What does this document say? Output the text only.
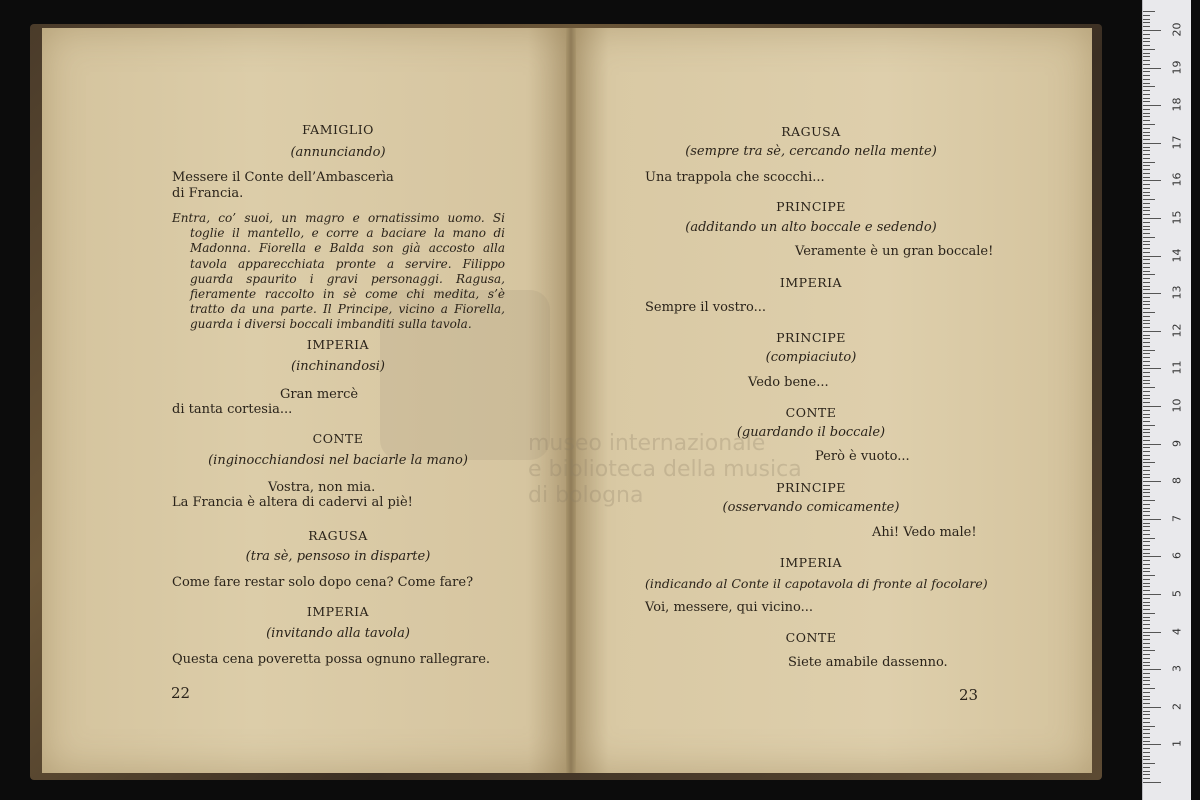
museo internazionale
e biblioteca della musica
di bologna
FAMIGLIO
(annunciando)
Messere il Conte dell’Ambascerìa
di Francia.
Entra, co’ suoi, un magro e ornatissimo uomo. Si toglie il mantello, e corre a baciare la mano di Madonna. Fiorella e Balda son già accosto alla tavola apparecchiata pronte a servire. Filippo guarda spaurito i gravi personaggi. Ragusa, fieramente raccolto in sè come chi medita, s’è tratto da una parte. Il Principe, vicino a Fiorella, guarda i diversi boccali imbanditi sulla tavola.
IMPERIA
(inchinandosi)
Gran mercè
di tanta cortesia...
CONTE
(inginocchiandosi nel baciarle la mano)
Vostra, non mia.
La Francia è altera di cadervi al piè!
RAGUSA
(tra sè, pensoso in disparte)
Come fare restar solo dopo cena? Come fare?
IMPERIA
(invitando alla tavola)
Questa cena poveretta possa ognuno rallegrare.
22
RAGUSA
(sempre tra sè, cercando nella mente)
Una trappola che scocchi...
PRINCIPE
(additando un alto boccale e sedendo)
Veramente è un gran boccale!
IMPERIA
Sempre il vostro...
PRINCIPE
(compiaciuto)
Vedo bene...
CONTE
(guardando il boccale)
Però è vuoto...
PRINCIPE
(osservando comicamente)
Ahi! Vedo male!
IMPERIA
(indicando al Conte il capotavola di fronte al focolare)
Voi, messere, qui vicino...
CONTE
Siete amabile dassenno.
23
1
2
3
4
5
6
7
8
9
10
11
12
13
14
15
16
17
18
19
20
